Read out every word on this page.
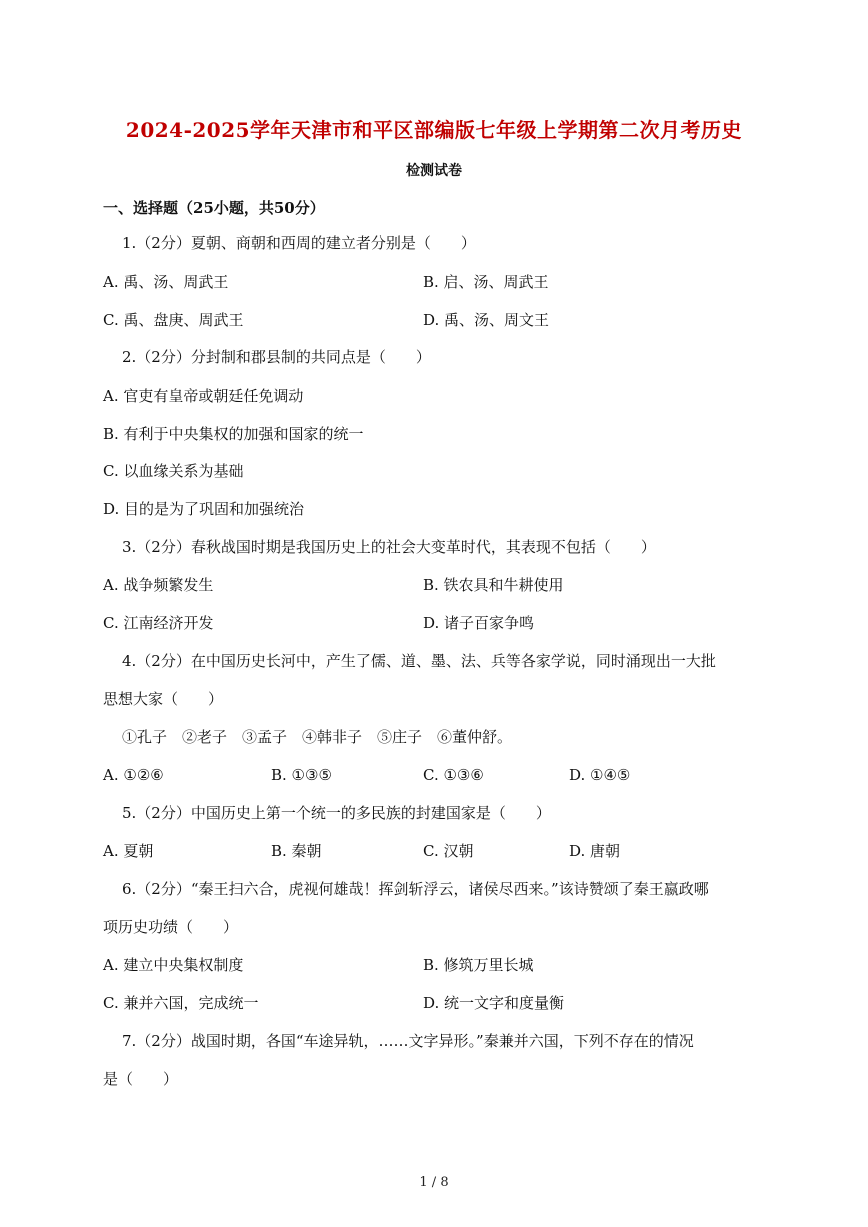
2024-2025学年天津市和平区部编版七年级上学期第二次月考历史
检测试卷
一、选择题（25小题，共50分）
1.（2分）夏朝、商朝和西周的建立者分别是（　　）
A. 禹、汤、周武王	B. 启、汤、周武王
C. 禹、盘庚、周武王	D. 禹、汤、周文王
2.（2分）分封制和郡县制的共同点是（　　）
A. 官吏有皇帝或朝廷任免调动
B. 有利于中央集权的加强和国家的统一
C. 以血缘关系为基础
D. 目的是为了巩固和加强统治
3.（2分）春秋战国时期是我国历史上的社会大变革时代，其表现不包括（　　）
A. 战争频繁发生	B. 铁农具和牛耕使用
C. 江南经济开发	D. 诸子百家争鸣
4.（2分）在中国历史长河中，产生了儒、道、墨、法、兵等各家学说，同时涌现出一大批
思想大家（　　）
①孔子　②老子　③孟子　④韩非子　⑤庄子　⑥董仲舒。
A. ①②⑥	B. ①③⑤	C. ①③⑥	D. ①④⑤
5.（2分）中国历史上第一个统一的多民族的封建国家是（　　）
A. 夏朝	B. 秦朝	C. 汉朝	D. 唐朝
6.（2分）“秦王扫六合，虎视何雄哉！挥剑斩浮云，诸侯尽西来。”该诗赞颂了秦王嬴政哪
项历史功绩（　　）
A. 建立中央集权制度	B. 修筑万里长城
C. 兼并六国，完成统一	D. 统一文字和度量衡
7.（2分）战国时期，各国“车途异轨，……文字异形。”秦兼并六国，下列不存在的情况
是（　　）
1 / 8
